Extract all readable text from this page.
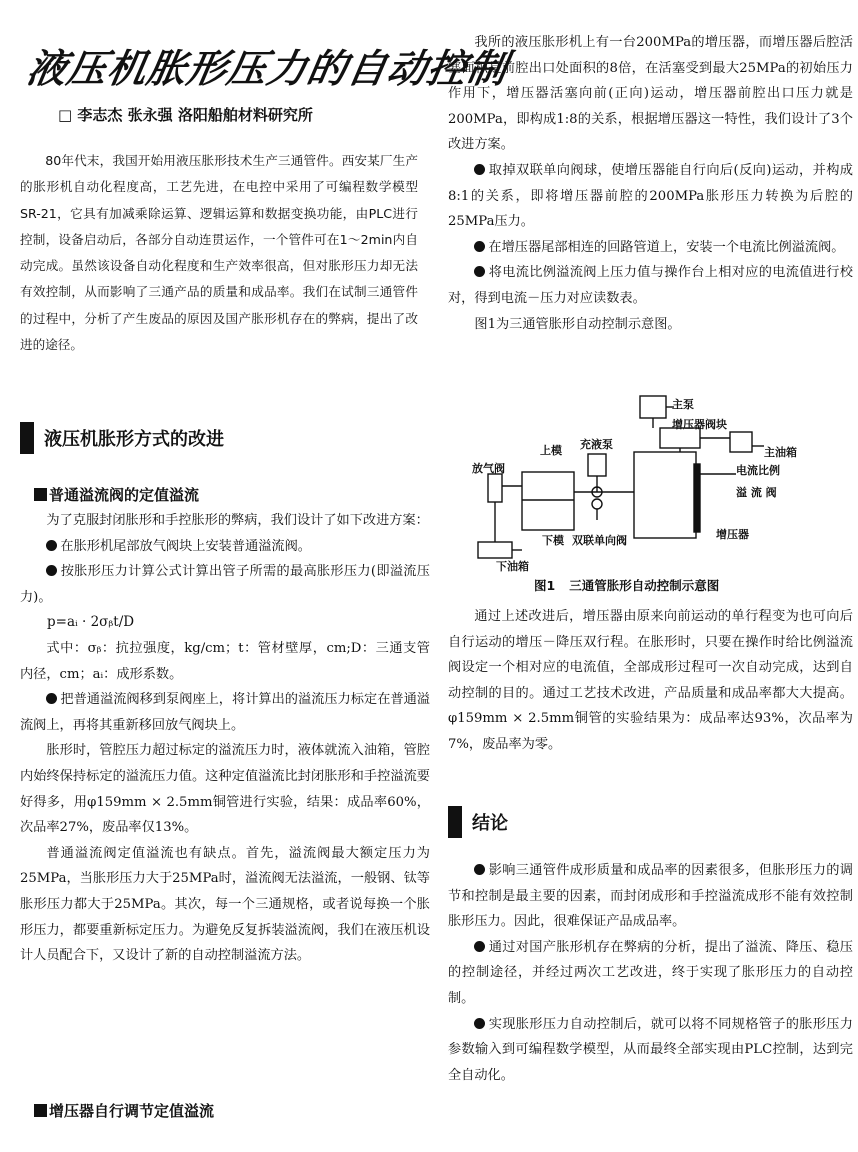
液压机胀形压力的自动控制
□ 李志杰 张永强 洛阳船舶材料研究所

80年代末，我国开始用液压胀形技术生产三通管件。西安某厂生产的胀形机自动化程度高，工艺先进，在电控中采用了可编程数学模型SR-21，它具有加减乘除运算、逻辑运算和数据变换功能，由PLC进行控制，设备启动后，各部分自动连贯运作，一个管件可在1～2min内自动完成。虽然该设备自动化程度和生产效率很高，但对胀形压力却无法有效控制，从而影响了三通产品的质量和成品率。我们在试制三通管件的过程中，分析了产生废品的原因及国产胀形机存在的弊病，提出了改进的途径。

液压机胀形方式的改进
普通溢流阀的定值溢流

为了克服封闭胀形和手控胀形的弊病，我们设计了如下改进方案：

在胀形机尾部放气阀块上安装普通溢流阀。

按胀形压力计算公式计算出管子所需的最高胀形压力(即溢流压力)。

p=aᵢ · 2σᵦt/D

式中：σᵦ：抗拉强度，kg/cm；t：管材壁厚，cm;D：三通支管内径，cm；aᵢ：成形系数。

把普通溢流阀移到泵阀座上，将计算出的溢流压力标定在普通溢流阀上，再将其重新移回放气阀块上。

胀形时，管腔压力超过标定的溢流压力时，液体就流入油箱，管腔内始终保持标定的溢流压力值。这种定值溢流比封闭胀形和手控溢流要好得多，用φ159mm × 2.5mm铜管进行实验，结果：成品率60%，次品率27%，废品率仅13%。

普通溢流阀定值溢流也有缺点。首先，溢流阀最大额定压力为25MPa，当胀形压力大于25MPa时，溢流阀无法溢流，一般钢、钛等胀形压力都大于25MPa。其次，每一个三通规格，或者说每换一个胀形压力，都要重新标定压力。为避免反复拆装溢流阀，我们在液压机设计人员配合下，又设计了新的自动控制溢流方法。

增压器自行调节定值溢流

我所的液压胀形机上有一台200MPa的增压器，而增压器后腔活塞面积是前腔出口处面积的8倍，在活塞受到最大25MPa的初始压力作用下，增压器活塞向前(正向)运动，增压器前腔出口压力就是200MPa，即构成1:8的关系，根据增压器这一特性，我们设计了3个改进方案。

取掉双联单向阀球，使增压器能自行向后(反向)运动，并构成8:1的关系，即将增压器前腔的200MPa胀形压力转换为后腔的25MPa压力。

在增压器尾部相连的回路管道上，安装一个电流比例溢流阀。

将电流比例溢流阀上压力值与操作台上相对应的电流值进行校对，得到电流－压力对应读数表。

图1为三通管胀形自动控制示意图。

主泵
增压器阀块
上模 充液泵
主油箱
放气阀	电流比例
溢 流 阀
下模 双联单向阀	增压器
下油箱
图1 三通管胀形自动控制示意图

通过上述改进后，增压器由原来向前运动的单行程变为也可向后自行运动的增压－降压双行程。在胀形时，只要在操作时给比例溢流阀设定一个相对应的电流值，全部成形过程可一次自动完成，达到自动控制的目的。通过工艺技术改进，产品质量和成品率都大大提高。φ159mm × 2.5mm铜管的实验结果为：成品率达93%，次品率为7%，废品率为零。

结论

影响三通管件成形质量和成品率的因素很多，但胀形压力的调节和控制是最主要的因素，而封闭成形和手控溢流成形不能有效控制胀形压力。因此，很难保证产品成品率。

通过对国产胀形机存在弊病的分析，提出了溢流、降压、稳压的控制途径，并经过两次工艺改进，终于实现了胀形压力的自动控制。

实现胀形压力自动控制后，就可以将不同规格管子的胀形压力参数输入到可编程数学模型，从而最终全部实现由PLC控制，达到完全自动化。
